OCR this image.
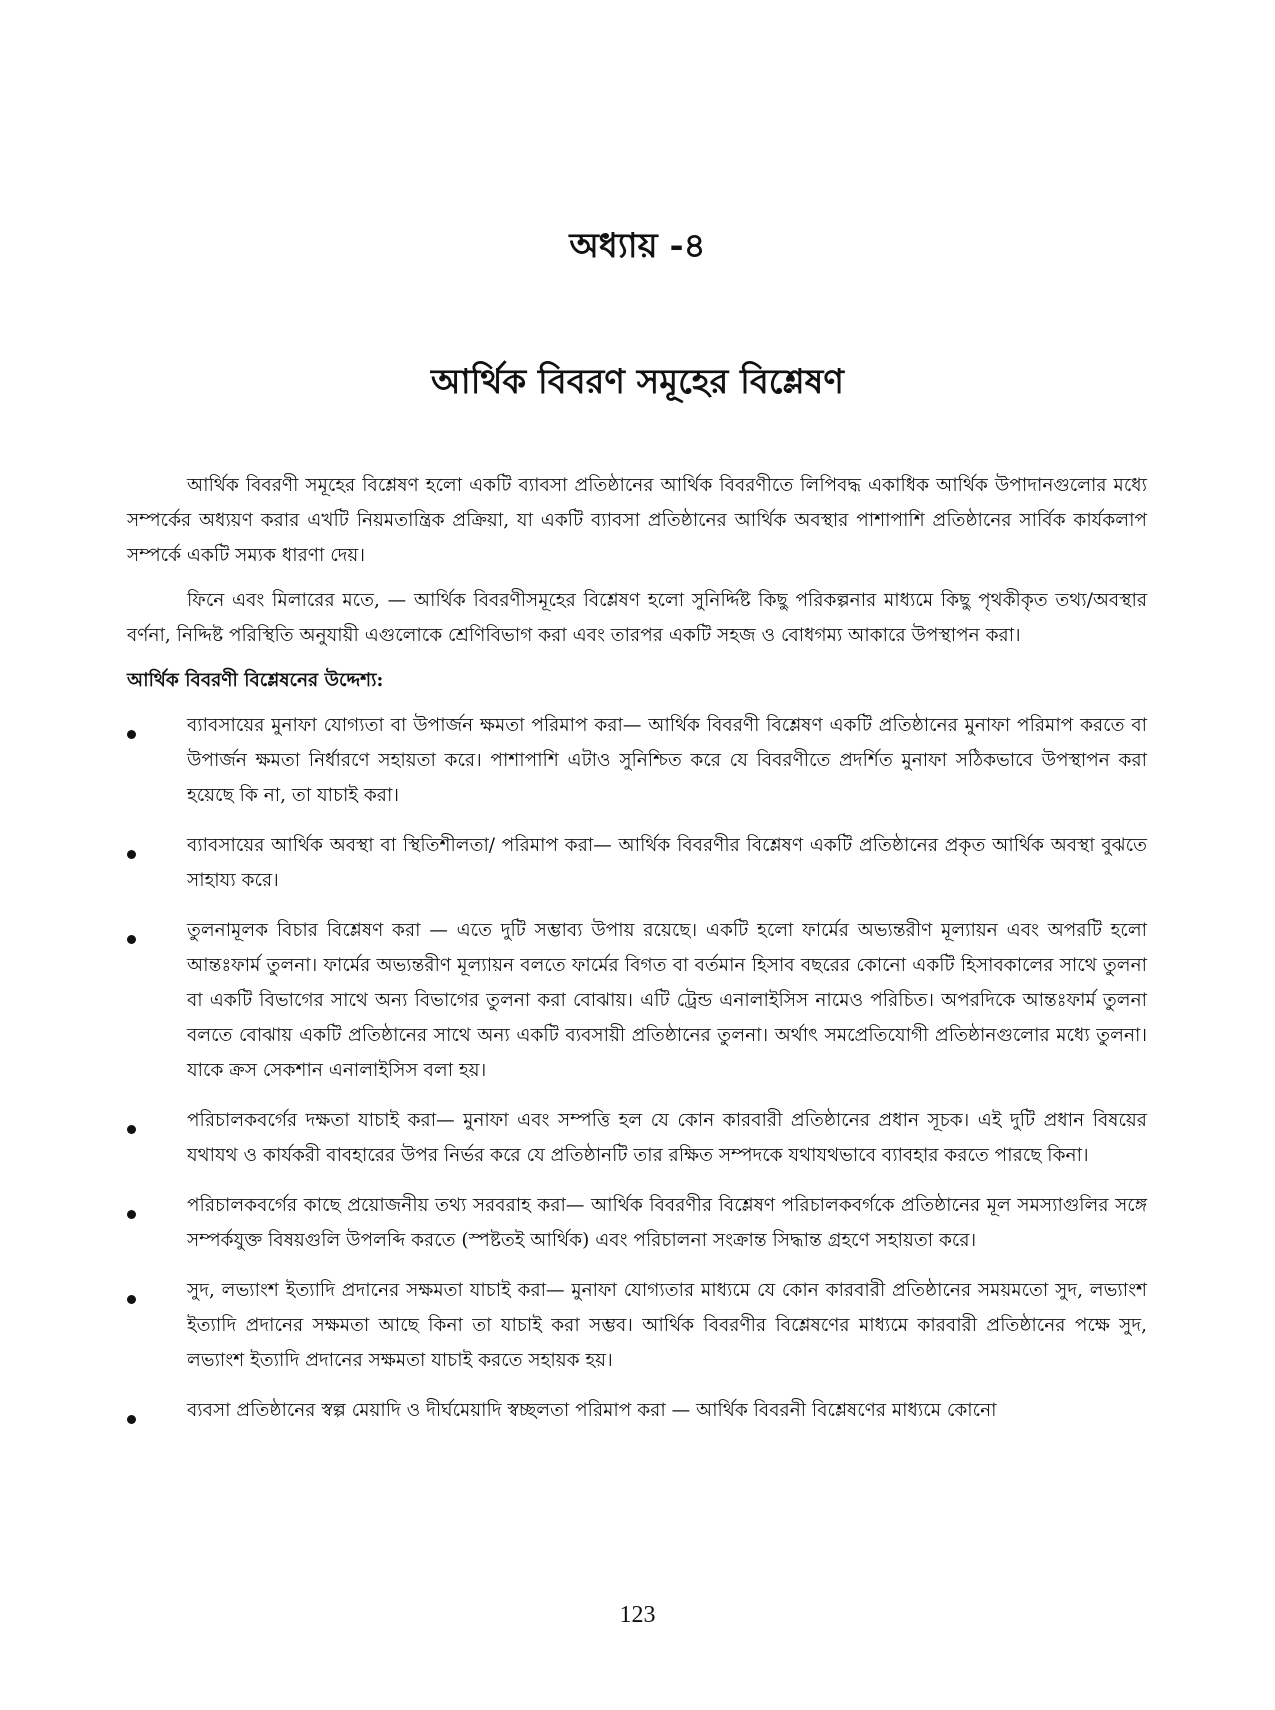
অধ্যায় -৪
আর্থিক বিবরণ সমূহের বিশ্লেষণ

আর্থিক বিবরণী সমূহের বিশ্লেষণ হলো একটি ব্যাবসা প্রতিষ্ঠানের আর্থিক বিবরণীতে লিপিবদ্ধ একাধিক আর্থিক উপাদানগুলোর মধ্যে সম্পর্কের অধ্যয়ণ করার এখটি নিয়মতান্ত্রিক প্রক্রিয়া, যা একটি ব্যাবসা প্রতিষ্ঠানের আর্থিক অবস্থার পাশাপাশি প্রতিষ্ঠানের সার্বিক কার্যকলাপ সম্পর্কে একটি সম্যক ধারণা দেয়।

ফিনে এবং মিলারের মতে, — আর্থিক বিবরণীসমূহের বিশ্লেষণ হলো সুনির্দ্দিষ্ট কিছু পরিকল্পনার মাধ্যমে কিছু পৃথকীকৃত তথ্য/অবস্থার বর্ণনা, নিদ্দিষ্ট পরিস্থিতি অনুযায়ী এগুলোকে শ্রেণিবিভাগ করা এবং তারপর একটি সহজ ও বোধগম্য আকারে উপস্থাপন করা।

আর্থিক বিবরণী বিশ্লেষনের উদ্দেশ্য:
ব্যাবসায়ের মুনাফা যোগ্যতা বা উপার্জন ক্ষমতা পরিমাপ করা— আর্থিক বিবরণী বিশ্লেষণ একটি প্রতিষ্ঠানের মুনাফা পরিমাপ করতে বা উপার্জন ক্ষমতা নির্ধারণে সহায়তা করে। পাশাপাশি এটাও সুনিশ্চিত করে যে বিবরণীতে প্রদর্শিত মুনাফা সঠিকভাবে উপস্থাপন করা হয়েছে কি না, তা যাচাই করা।
ব্যাবসায়ের আর্থিক অবস্থা বা স্থিতিশীলতা/ পরিমাপ করা— আর্থিক বিবরণীর বিশ্লেষণ একটি প্রতিষ্ঠানের প্রকৃত আর্থিক অবস্থা বুঝতে সাহায্য করে।
তুলনামূলক বিচার বিশ্লেষণ করা — এতে দুটি সম্ভাব্য উপায় রয়েছে। একটি হলো ফার্মের অভ্যন্তরীণ মূল্যায়ন এবং অপরটি হলো আন্তঃফার্ম তুলনা। ফার্মের অভ্যন্তরীণ মূল্যায়ন বলতে ফার্মের বিগত বা বর্তমান হিসাব বছরের কোনো একটি হিসাবকালের সাথে তুলনা বা একটি বিভাগের সাথে অন্য বিভাগের তুলনা করা বোঝায়। এটি ট্রেন্ড এনালাইসিস নামেও পরিচিত। অপরদিকে আন্তঃফার্ম তুলনা বলতে বোঝায় একটি প্রতিষ্ঠানের সাথে অন্য একটি ব্যবসায়ী প্রতিষ্ঠানের তুলনা। অর্থাৎ সমপ্রেতিযোগী প্রতিষ্ঠানগুলোর মধ্যে তুলনা। যাকে ক্রস সেকশান এনালাইসিস বলা হয়।
পরিচালকবর্গের দক্ষতা যাচাই করা— মুনাফা এবং সম্পত্তি হল যে কোন কারবারী প্রতিষ্ঠানের প্রধান সূচক। এই দুটি প্রধান বিষয়ের যথাযথ ও কার্যকরী বাবহারের উপর নির্ভর করে যে প্রতিষ্ঠানটি তার রক্ষিত সম্পদকে যথাযথভাবে ব্যাবহার করতে পারছে কিনা।
পরিচালকবর্গের কাছে প্রয়োজনীয় তথ্য সরবরাহ করা— আর্থিক বিবরণীর বিশ্লেষণ পরিচালকবর্গকে প্রতিষ্ঠানের মূল সমস্যাগুলির সঙ্গে সম্পর্কযুক্ত বিষয়গুলি উপলব্দি করতে (স্পষ্টতই আর্থিক) এবং পরিচালনা সংক্রান্ত সিদ্ধান্ত গ্রহণে সহায়তা করে।
সুদ, লভ্যাংশ ইত্যাদি প্রদানের সক্ষমতা যাচাই করা— মুনাফা যোগ্যতার মাধ্যমে যে কোন কারবারী প্রতিষ্ঠানের সময়মতো সুদ, লভ্যাংশ ইত্যাদি প্রদানের সক্ষমতা আছে কিনা তা যাচাই করা সম্ভব। আর্থিক বিবরণীর বিশ্লেষণের মাধ্যমে কারবারী প্রতিষ্ঠানের পক্ষে সুদ, লভ্যাংশ ইত্যাদি প্রদানের সক্ষমতা যাচাই করতে সহায়ক হয়।
ব্যবসা প্রতিষ্ঠানের স্বল্প মেয়াদি ও দীর্ঘমেয়াদি স্বচ্ছলতা পরিমাপ করা — আর্থিক বিবরনী বিশ্লেষণের মাধ্যমে কোনো
123
